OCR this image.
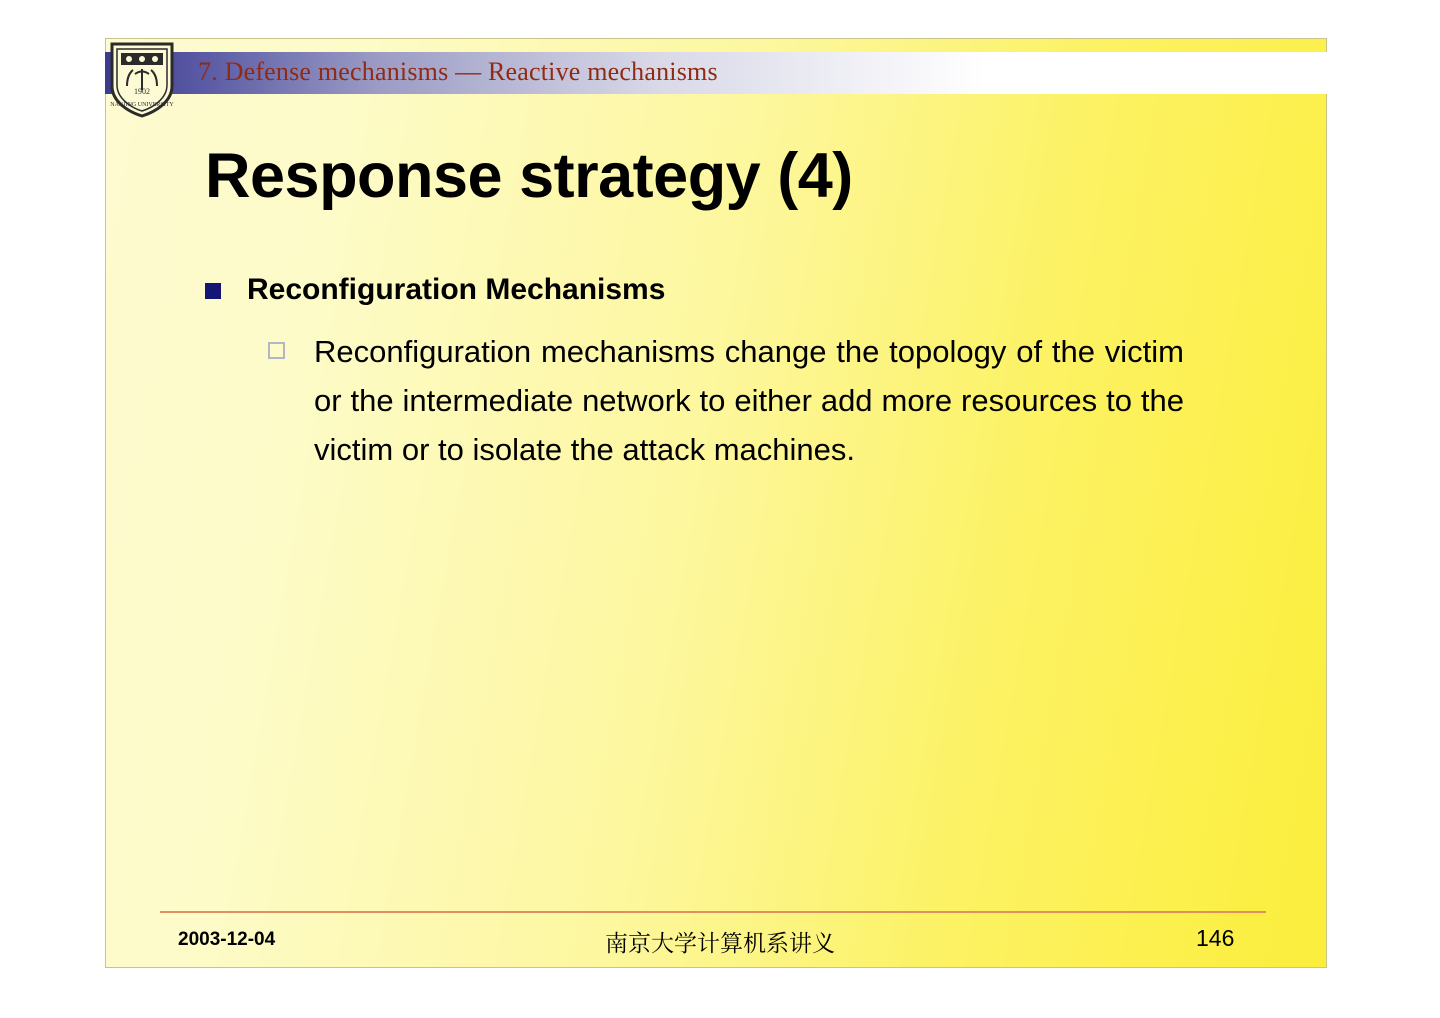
1902
NANJING UNIVERSITY
7. Defense mechanisms — Reactive mechanisms
Response strategy (4)
Reconfiguration Mechanisms
Reconfiguration mechanisms change the topology of the victim or the intermediate network to either add more resources to the victim or to isolate the attack machines.
2003-12-04	南京大学计算机系讲义	146
